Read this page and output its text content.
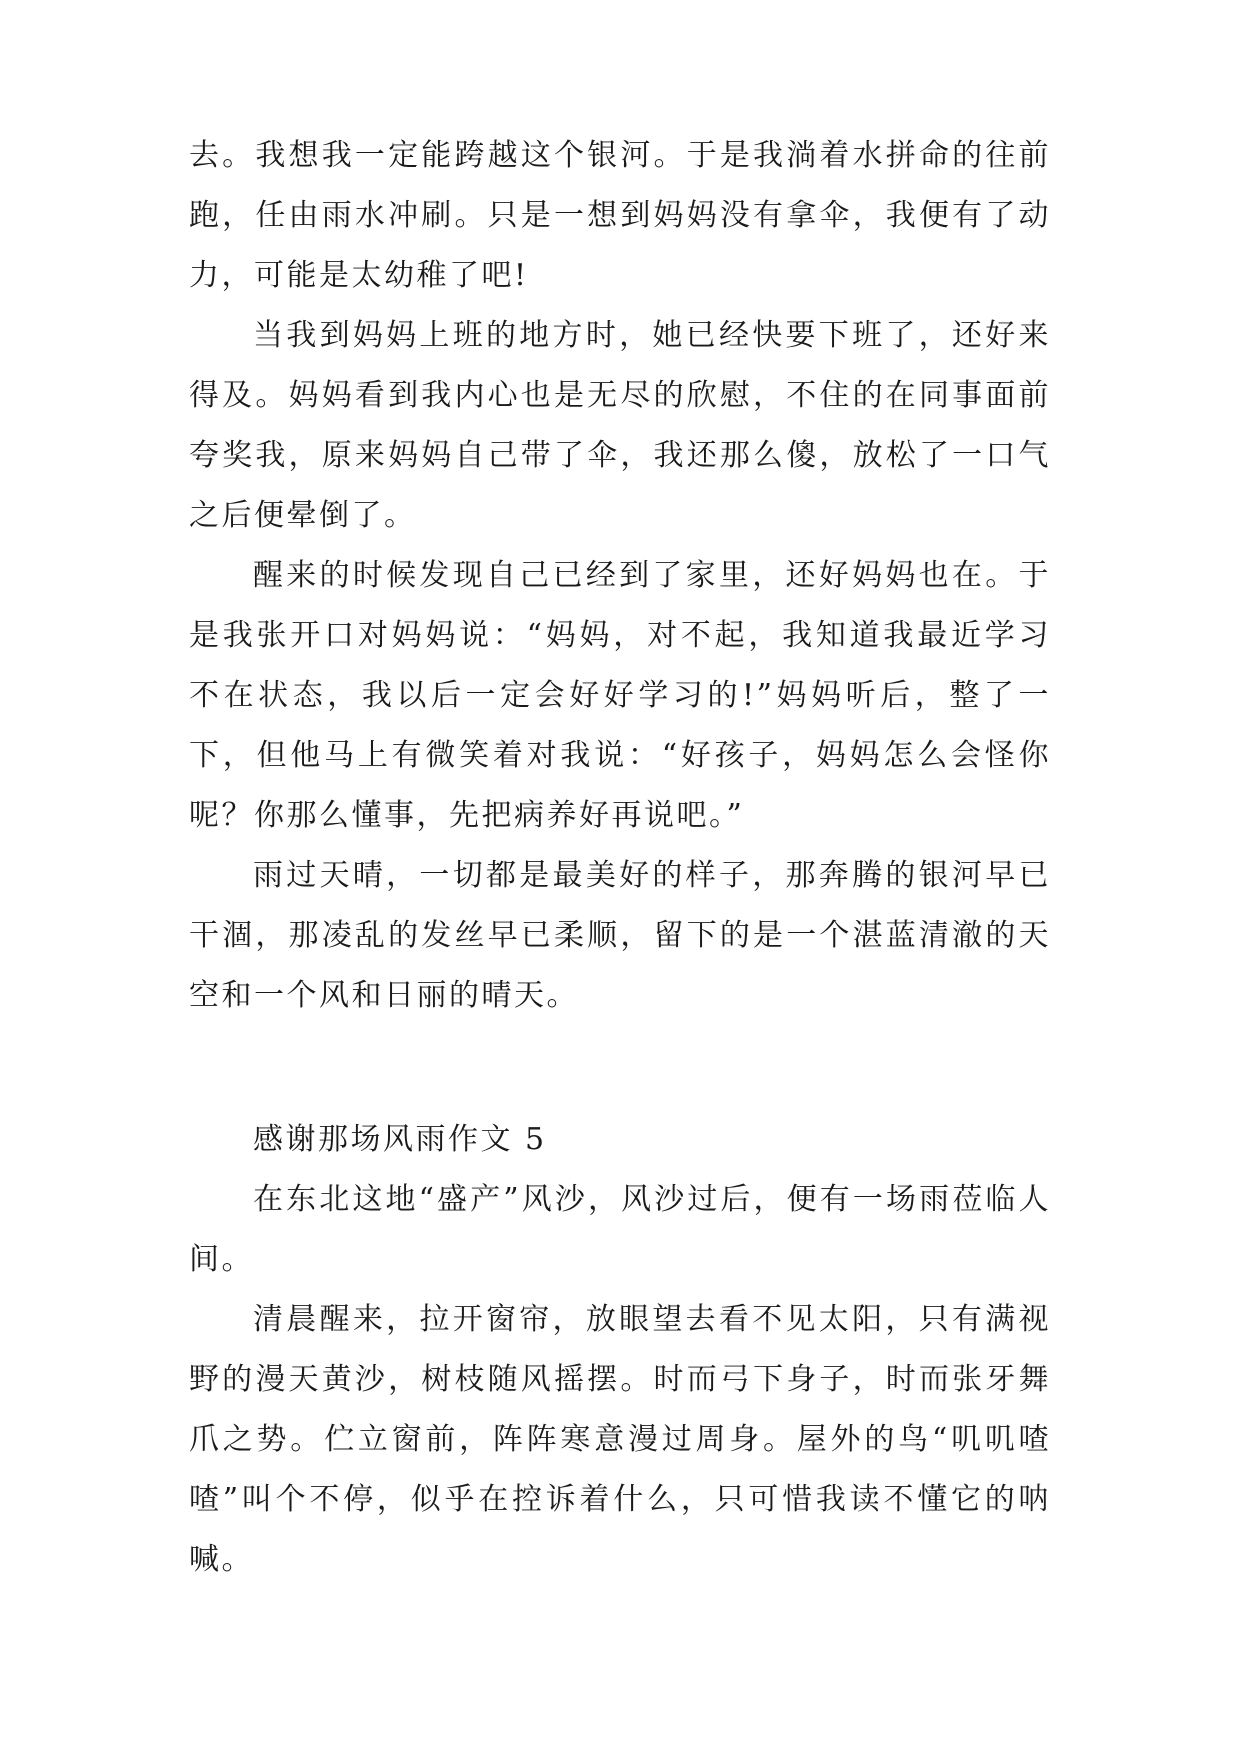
去。我想我一定能跨越这个银河。于是我淌着水拼命的往前跑，任由雨水冲刷。只是一想到妈妈没有拿伞，我便有了动力，可能是太幼稚了吧!

当我到妈妈上班的地方时，她已经快要下班了，还好来得及。妈妈看到我内心也是无尽的欣慰，不住的在同事面前夸奖我，原来妈妈自己带了伞，我还那么傻，放松了一口气之后便晕倒了。

醒来的时候发现自己已经到了家里，还好妈妈也在。于是我张开口对妈妈说：“妈妈，对不起，我知道我最近学习不在状态，我以后一定会好好学习的!”妈妈听后，整了一下，但他马上有微笑着对我说：“好孩子，妈妈怎么会怪你呢？你那么懂事，先把病养好再说吧。”

雨过天晴，一切都是最美好的样子，那奔腾的银河早已干涸，那凌乱的发丝早已柔顺，留下的是一个湛蓝清澈的天空和一个风和日丽的晴天。

感谢那场风雨作文 5

在东北这地“盛产”风沙，风沙过后，便有一场雨莅临人间。

清晨醒来，拉开窗帘，放眼望去看不见太阳，只有满视野的漫天黄沙，树枝随风摇摆。时而弓下身子，时而张牙舞爪之势。伫立窗前，阵阵寒意漫过周身。屋外的鸟“叽叽喳喳”叫个不停，似乎在控诉着什么，只可惜我读不懂它的呐喊。
